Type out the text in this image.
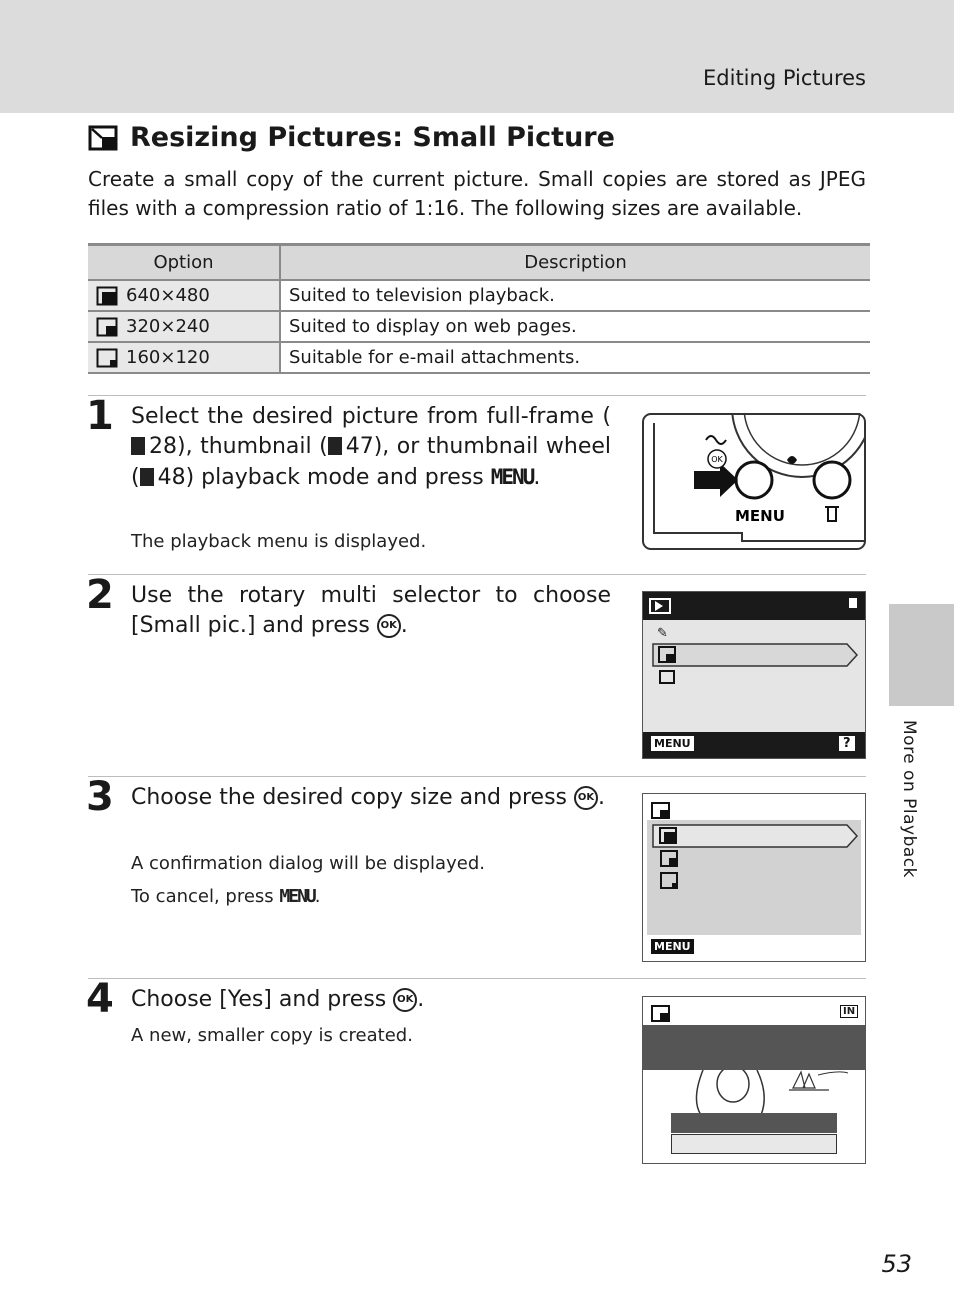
Editing Pictures
Resizing Pictures: Small Picture
Create a small copy of the current picture. Small copies are stored as JPEG files with a compression ratio of 1:16. The following sizes are available.
Option	Description

640×480	Suited to television playback.

320×240	Suited to display on web pages.

160×120	Suitable for e-mail attachments.
1 Select the desired picture from full-frame (28), thumbnail ( 47), or thumbnail wheel ( 48) playback mode and press MENU.
The playback menu is displayed.
OK
MENU
2 Use the rotary multi selector to choose [Small pic.] and press OK .	✎
MENU	?
3 Choose the desired copy size and press OK .
A confirmation dialog will be displayed.
To cancel, press MENU.
MENU
4 Choose [Yes] and press OK .
A new, smaller copy is created.
IN
More on Playback
53
